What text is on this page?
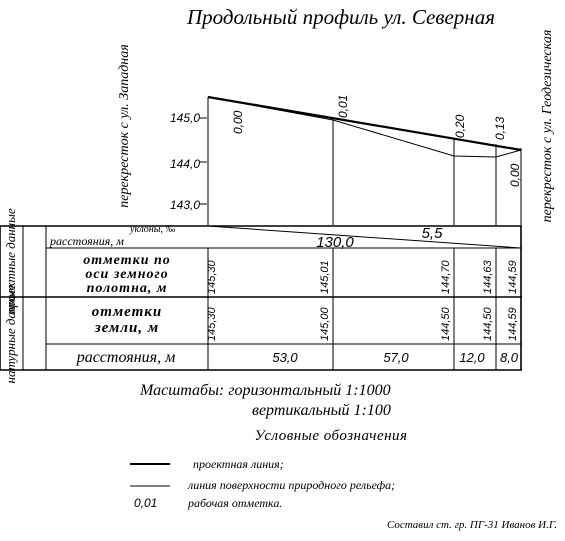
Продольный профиль ул. Северная
перекресток с ул. Западная	перекресток с ул. Геодезическая
145,0
144,0
143,0
0,00
0,01
0,20 0,13
0,00
проектные данные
натурные данные
уклоны, ‰
расстояния, м	130,0
5,5
отметки по
оси земного
полотна, м	145,30	145,01	144,70	144,63 144,59
отметки
земли, м	145,30	145,00	144,50	144,50 144,59
расстояния, м	53,0	57,0	12,0 8,0
Масштабы: горизонтальный 1:1000
вертикальный 1:100
Условные обозначения
проектная линия;
линия поверхности природного рельефа;
0,01	рабочая отметка.
Составил ст. гр. ПГ-31 Иванов И.Г.
